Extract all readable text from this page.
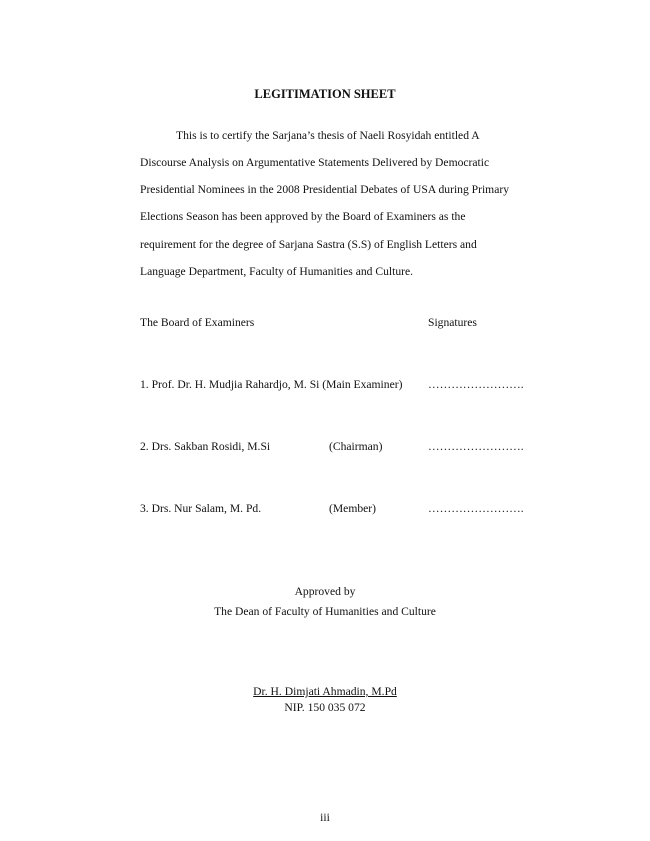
LEGITIMATION SHEET
This is to certify the Sarjana’s thesis of Naeli Rosyidah entitled A
Discourse Analysis on Argumentative Statements Delivered by Democratic
Presidential Nominees in the 2008 Presidential Debates of USA during Primary
Elections Season has been approved by the Board of Examiners as the
requirement for the degree of Sarjana Sastra (S.S) of English Letters and
Language Department, Faculty of Humanities and Culture.
The Board of Examiners	Signatures
1. Prof. Dr. H. Mudjia Rahardjo, M. Si (Main Examiner) …………………….
2. Drs. Sakban Rosidi, M.Si	(Chairman)	…………………….
3. Drs. Nur Salam, M. Pd.	(Member)	…………………….
Approved by
The Dean of Faculty of Humanities and Culture
Dr. H. Dimjati Ahmadin, M.Pd
NIP. 150 035 072
iii
